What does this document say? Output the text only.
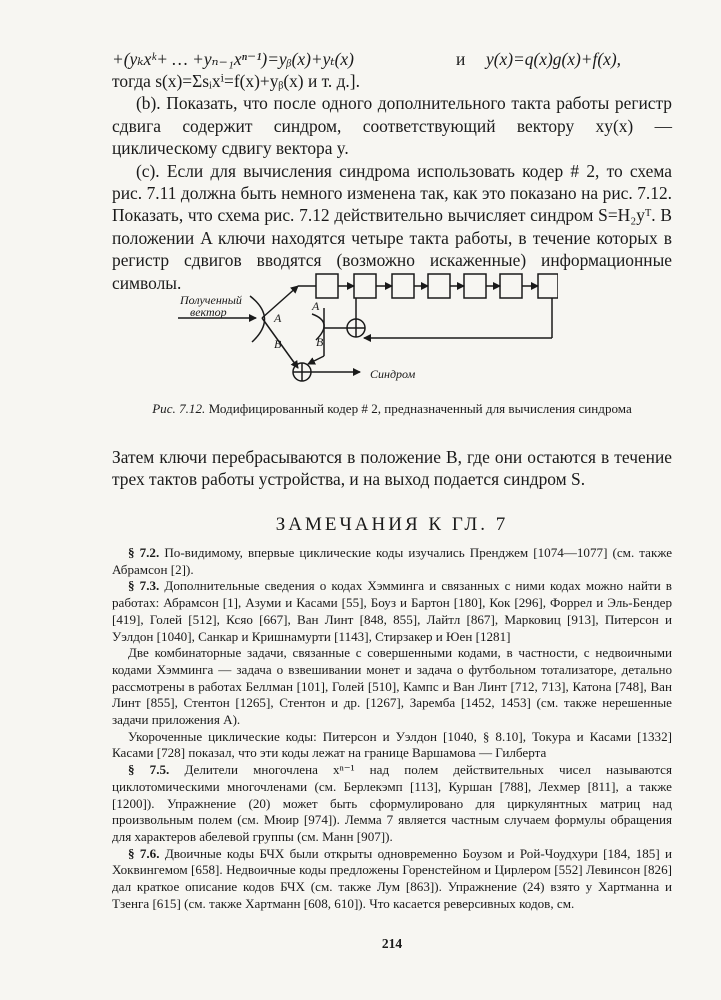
+(yₖxᵏ+ … +yₙ₋₁xⁿ⁻¹)=yᵦ(x)+yₜ(x)	и y(x)=q(x)g(x)+f(x),

тогда s(x)=Σsᵢxⁱ=f(x)+yᵦ(x) и т. д.].

(b). Показать, что после одного дополнительного такта работы регистр сдвига содержит синдром, соответствующий вектору xy(x) — циклическому сдвигу вектора y.

(c). Если для вычисления синдрома использовать кодер # 2, то схема рис. 7.11 должна быть немного изменена так, как это показано на рис. 7.12. Показать, что схема рис. 7.12 действительно вычисляет синдром S=H₂yᵀ. В положении A ключи находятся четыре такта работы, в течение которых в регистр сдвигов вводятся (возможно искаженные) информационные символы.

Полученный
вектор	A
B
A
B
Синдром
Рис. 7.12. Модифицированный кодер # 2, предназначенный для вычисления синдрома

Затем ключи перебрасываются в положение B, где они остаются в течение трех тактов работы устройства, и на выход подается синдром S.

ЗАМЕЧАНИЯ К ГЛ. 7

§ 7.2. По-видимому, впервые циклические коды изучались Пренджем [1074—1077] (см. также Абрамсон [2]).

§ 7.3. Дополнительные сведения о кодах Хэмминга и связанных с ними кодах можно найти в работах: Абрамсон [1], Азуми и Касами [55], Боуз и Бартон [180], Кок [296], Форрел и Эль-Бендер [419], Голей [512], Ксяо [667], Ван Линт [848, 855], Лайтл [867], Марковиц [913], Питерсон и Уэлдон [1040], Санкар и Кришнамурти [1143], Стирзакер и Юен [1281]

Две комбинаторные задачи, связанные с совершенными кодами, в частности, с недвоичными кодами Хэмминга — задача о взвешивании монет и задача о футбольном тотализаторе, детально рассмотрены в работах Беллман [101], Голей [510], Кампс и Ван Линт [712, 713], Катона [748], Ван Линт [855], Стентон [1265], Стентон и др. [1267], Заремба [1452, 1453] (см. также нерешенные задачи приложения A).

Укороченные циклические коды: Питерсон и Уэлдон [1040, § 8.10], Токура и Касами [1332] Касами [728] показал, что эти коды лежат на границе Варшамова — Гилберта

§ 7.5. Делители многочлена xⁿ⁻¹ над полем действительных чисел называются циклотомическими многочленами (см. Берлекэмп [113], Куршан [788], Лехмер [811], а также [1200]). Упражнение (20) может быть сформулировано для циркулянтных матриц над произвольным полем (см. Мюир [974]). Лемма 7 является частным случаем формулы обращения для характеров абелевой группы (см. Манн [907]).

§ 7.6. Двоичные коды БЧХ были открыты одновременно Боузом и Рой-Чоудхури [184, 185] и Хоквингемом [658]. Недвоичные коды предложены Горенстейном и Цирлером [552] Левинсон [826] дал краткое описание кодов БЧХ (см. также Лум [863]). Упражнение (24) взято у Хартманна и Тзенга [615] (см. также Хартманн [608, 610]). Что касается реверсивных кодов, см.

214
